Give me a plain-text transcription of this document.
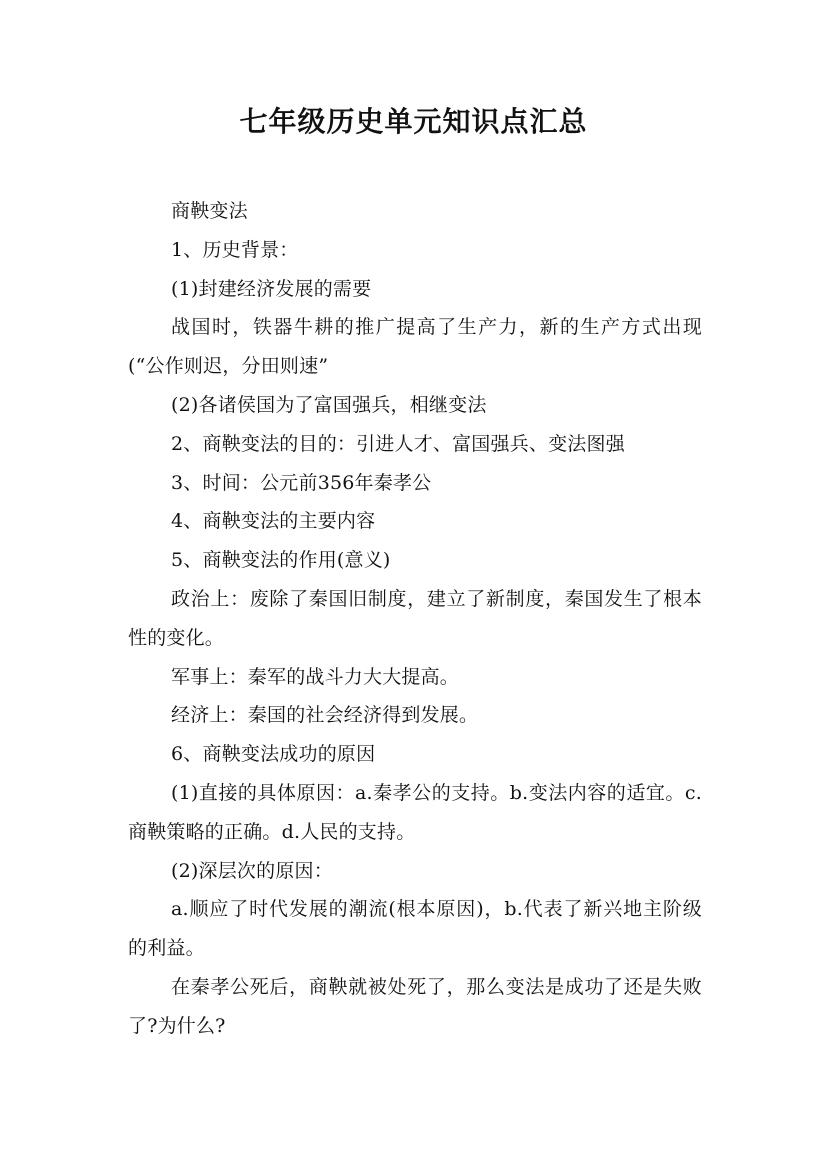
七年级历史单元知识点汇总

商鞅变法

1、历史背景：

(1)封建经济发展的需要

战国时，铁器牛耕的推广提高了生产力，新的生产方式出现(“公作则迟，分田则速”

(2)各诸侯国为了富国强兵，相继变法

2、商鞅变法的目的：引进人才、富国强兵、变法图强

3、时间：公元前356年秦孝公

4、商鞅变法的主要内容

5、商鞅变法的作用(意义)

政治上：废除了秦国旧制度，建立了新制度，秦国发生了根本性的变化。

军事上：秦军的战斗力大大提高。

经济上：秦国的社会经济得到发展。

6、商鞅变法成功的原因

(1)直接的具体原因：a.秦孝公的支持。b.变法内容的适宜。c.商鞅策略的正确。d.人民的支持。

(2)深层次的原因：

a.顺应了时代发展的潮流(根本原因)，b.代表了新兴地主阶级的利益。

在秦孝公死后，商鞅就被处死了，那么变法是成功了还是失败了?为什么?
